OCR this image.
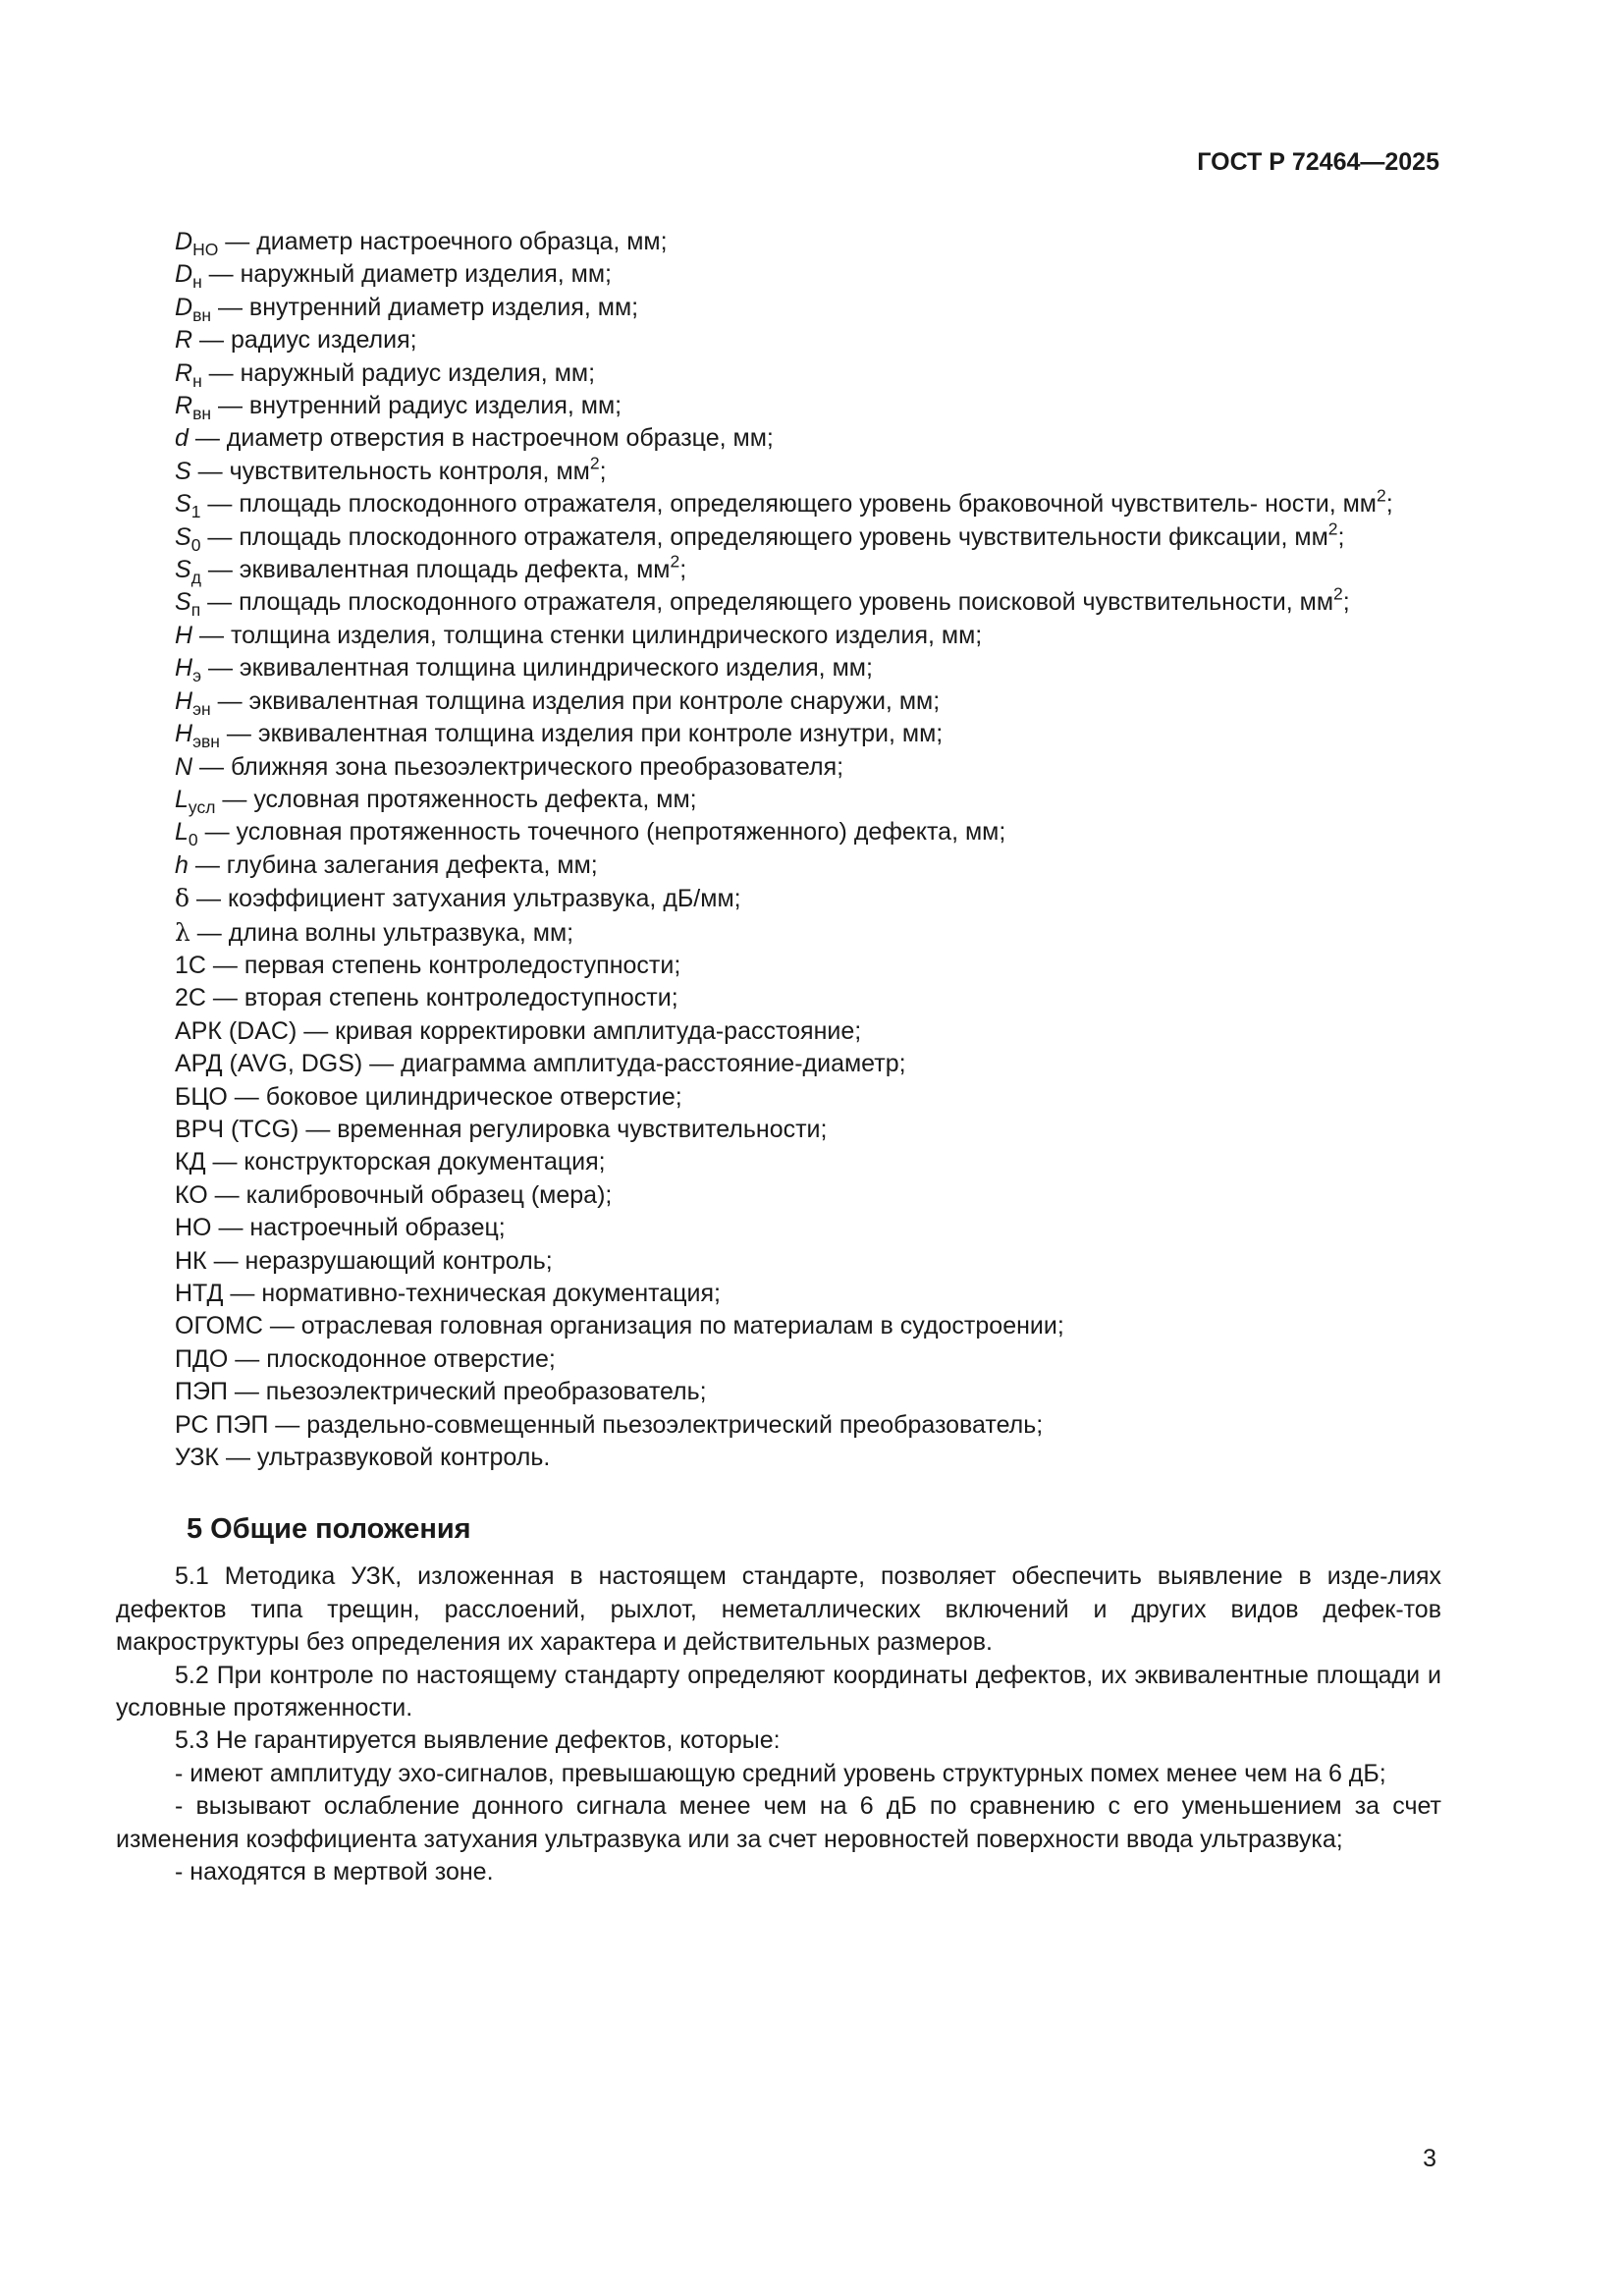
ГОСТ Р 72464—2025

$D_{НО}$ — диаметр настроечного образца, мм;

$D_н$ — наружный диаметр изделия, мм;

$D_{вн}$ — внутренний диаметр изделия, мм;

R — радиус изделия;

$R_н$ — наружный радиус изделия, мм;

$R_{вн}$ — внутренний радиус изделия, мм;

d — диаметр отверстия в настроечном образце, мм;

S — чувствительность контроля, $мм^2$;

$S_1$ — площадь плоскодонного отражателя, определяющего уровень браковочной чувствитель- ности, $мм^2$;

$S_0$ — площадь плоскодонного отражателя, определяющего уровень чувствительности фиксации, $мм^2$;

$S_д$ — эквивалентная площадь дефекта, $мм^2$;

$S_п$ — площадь плоскодонного отражателя, определяющего уровень поисковой чувствительности, $мм^2$;

H — толщина изделия, толщина стенки цилиндрического изделия, мм;

$H_э$ — эквивалентная толщина цилиндрического изделия, мм;

$H_{эн}$ — эквивалентная толщина изделия при контроле снаружи, мм;

$H_{эвн}$ — эквивалентная толщина изделия при контроле изнутри, мм;

N — ближняя зона пьезоэлектрического преобразователя;

$L_{усл}$ — условная протяженность дефекта, мм;

$L_0$ — условная протяженность точечного (непротяженного) дефекта, мм;

h — глубина залегания дефекта, мм;

δ — коэффициент затухания ультразвука, дБ/мм;

λ — длина волны ультразвука, мм;

1С — первая степень контроледоступности;

2С — вторая степень контроледоступности;

АРК (DAC) — кривая корректировки амплитуда-расстояние;

АРД (AVG, DGS) — диаграмма амплитуда-расстояние-диаметр;

БЦО — боковое цилиндрическое отверстие;

ВРЧ (TCG) — временная регулировка чувствительности;

КД — конструкторская документация;

КО — калибровочный образец (мера);

НО — настроечный образец;

НК — неразрушающий контроль;

НТД — нормативно-техническая документация;

ОГОМС — отраслевая головная организация по материалам в судостроении;

ПДО — плоскодонное отверстие;

ПЭП — пьезоэлектрический преобразователь;

РС ПЭП — раздельно-совмещенный пьезоэлектрический преобразователь;

УЗК — ультразвуковой контроль.

5 Общие положения

5.1 Методика УЗК, изложенная в настоящем стандарте, позволяет обеспечить выявление в изде-лиях дефектов типа трещин, расслоений, рыхлот, неметаллических включений и других видов дефек-тов макроструктуры без определения их характера и действительных размеров.

5.2 При контроле по настоящему стандарту определяют координаты дефектов, их эквивалентные площади и условные протяженности.

5.3 Не гарантируется выявление дефектов, которые:

- имеют амплитуду эхо-сигналов, превышающую средний уровень структурных помех менее чем на 6 дБ;

- вызывают ослабление донного сигнала менее чем на 6 дБ по сравнению с его уменьшением за счет изменения коэффициента затухания ультразвука или за счет неровностей поверхности ввода ультразвука;

- находятся в мертвой зоне.

3
